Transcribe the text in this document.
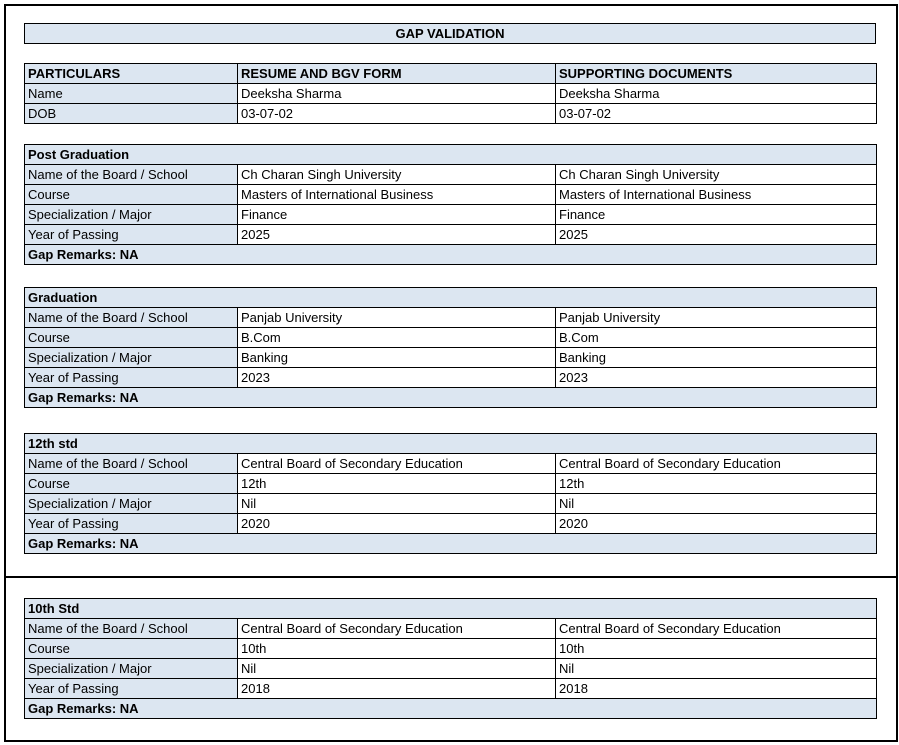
GAP VALIDATION
PARTICULARS	RESUME AND BGV FORM	SUPPORTING DOCUMENTS
Name	Deeksha Sharma	Deeksha Sharma
DOB	03-07-02	03-07-02
Post Graduation		
Name of the Board / School	Ch Charan Singh University	Ch Charan Singh University
Course	Masters of International Business	Masters of International Business
Specialization / Major	Finance	Finance
Year of Passing	2025	2025
Gap Remarks: NA		
Graduation		
Name of the Board / School	Panjab University	Panjab University
Course	B.Com	B.Com
Specialization / Major	Banking	Banking
Year of Passing	2023	2023
Gap Remarks: NA		
12th std		
Name of the Board / School	Central Board of Secondary Education	Central Board of Secondary Education
Course	12th	12th
Specialization / Major	Nil	Nil
Year of Passing	2020	2020
Gap Remarks: NA		
10th Std		
Name of the Board / School	Central Board of Secondary Education	Central Board of Secondary Education
Course	10th	10th
Specialization / Major	Nil	Nil
Year of Passing	2018	2018
Gap Remarks: NA		
